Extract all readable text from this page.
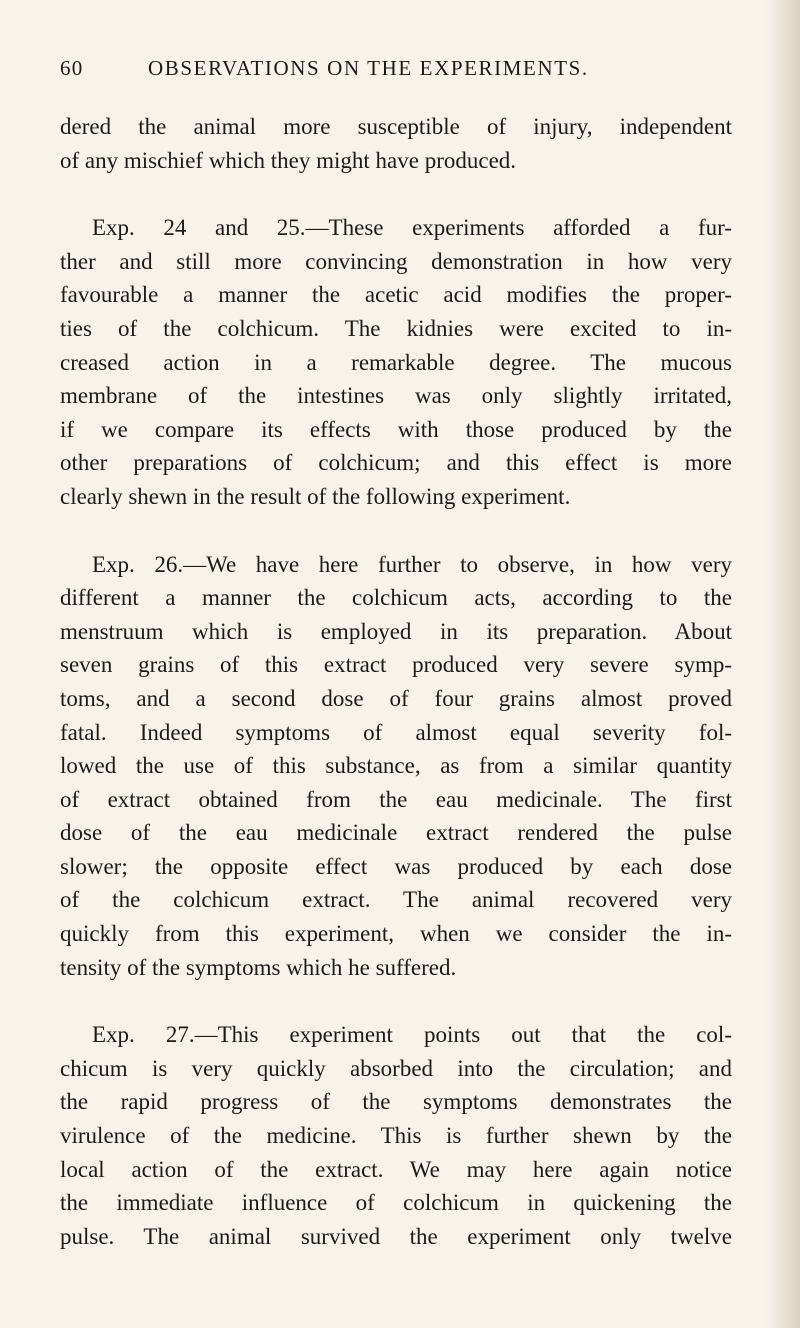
60	OBSERVATIONS ON THE EXPERIMENTS.
dered the animal more susceptible of injury, independent
of any mischief which they might have produced.
Exp. 24 and 25.—These experiments afforded a fur-
ther and still more convincing demonstration in how very
favourable a manner the acetic acid modifies the proper-
ties of the colchicum. The kidnies were excited to in-
creased action in a remarkable degree. The mucous
membrane of the intestines was only slightly irritated,
if we compare its effects with those produced by the
other preparations of colchicum; and this effect is more
clearly shewn in the result of the following experiment.
Exp. 26.—We have here further to observe, in how very
different a manner the colchicum acts, according to the
menstruum which is employed in its preparation. About
seven grains of this extract produced very severe symp-
toms, and a second dose of four grains almost proved
fatal. Indeed symptoms of almost equal severity fol-
lowed the use of this substance, as from a similar quantity
of extract obtained from the eau medicinale. The first
dose of the eau medicinale extract rendered the pulse
slower; the opposite effect was produced by each dose
of the colchicum extract. The animal recovered very
quickly from this experiment, when we consider the in-
tensity of the symptoms which he suffered.
Exp. 27.—This experiment points out that the col-
chicum is very quickly absorbed into the circulation; and
the rapid progress of the symptoms demonstrates the
virulence of the medicine. This is further shewn by the
local action of the extract. We may here again notice
the immediate influence of colchicum in quickening the
pulse. The animal survived the experiment only twelve
